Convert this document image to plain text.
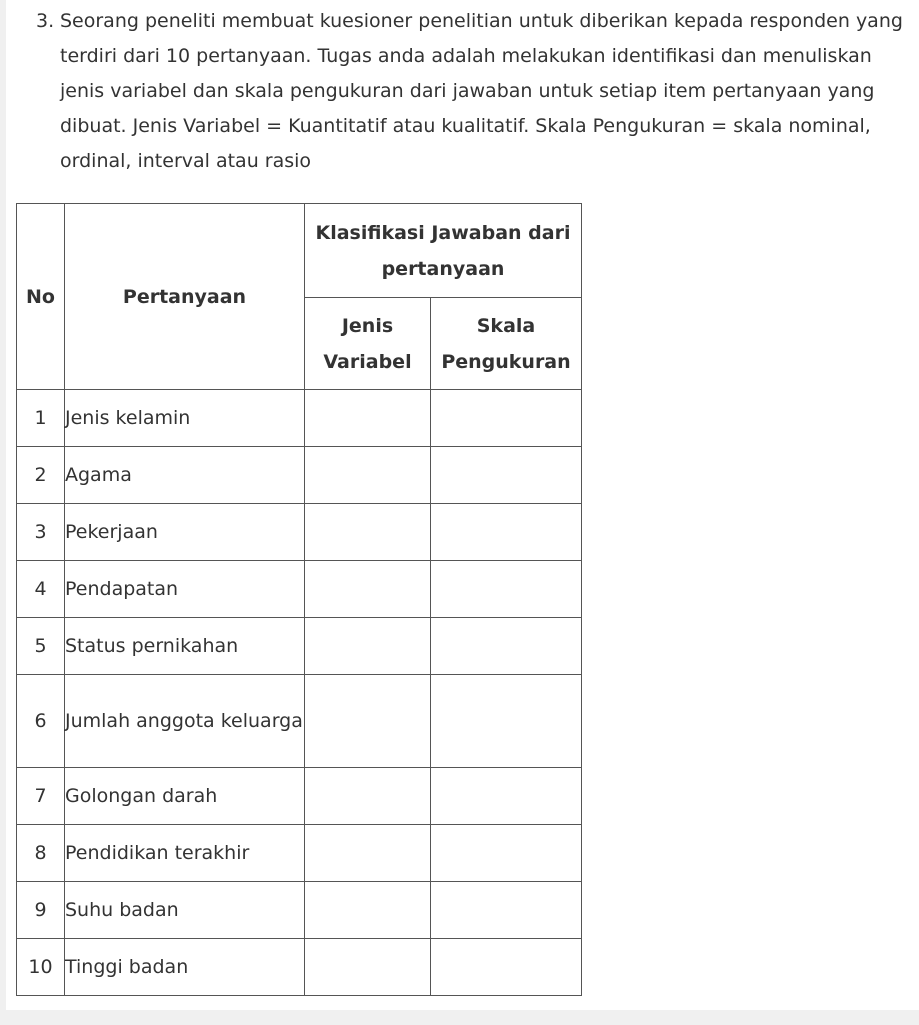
3. Seorang peneliti membuat kuesioner penelitian untuk diberikan kepada responden yang terdiri dari 10 pertanyaan. Tugas anda adalah melakukan identifikasi dan menuliskan jenis variabel dan skala pengukuran dari jawaban untuk setiap item pertanyaan yang dibuat. Jenis Variabel = Kuantitatif atau kualitatif. Skala Pengukuran = skala nominal, ordinal, interval atau rasio
No	Pertanyaan	Klasifikasi Jawaban dari pertanyaan	
		Jenis Variabel	Skala Pengukuran
1	Jenis kelamin		
2	Agama		
3	Pekerjaan		
4	Pendapatan		
5	Status pernikahan		
6	Jumlah anggota keluarga		
7	Golongan darah		
8	Pendidikan terakhir		
9	Suhu badan		
10	Tinggi badan		
